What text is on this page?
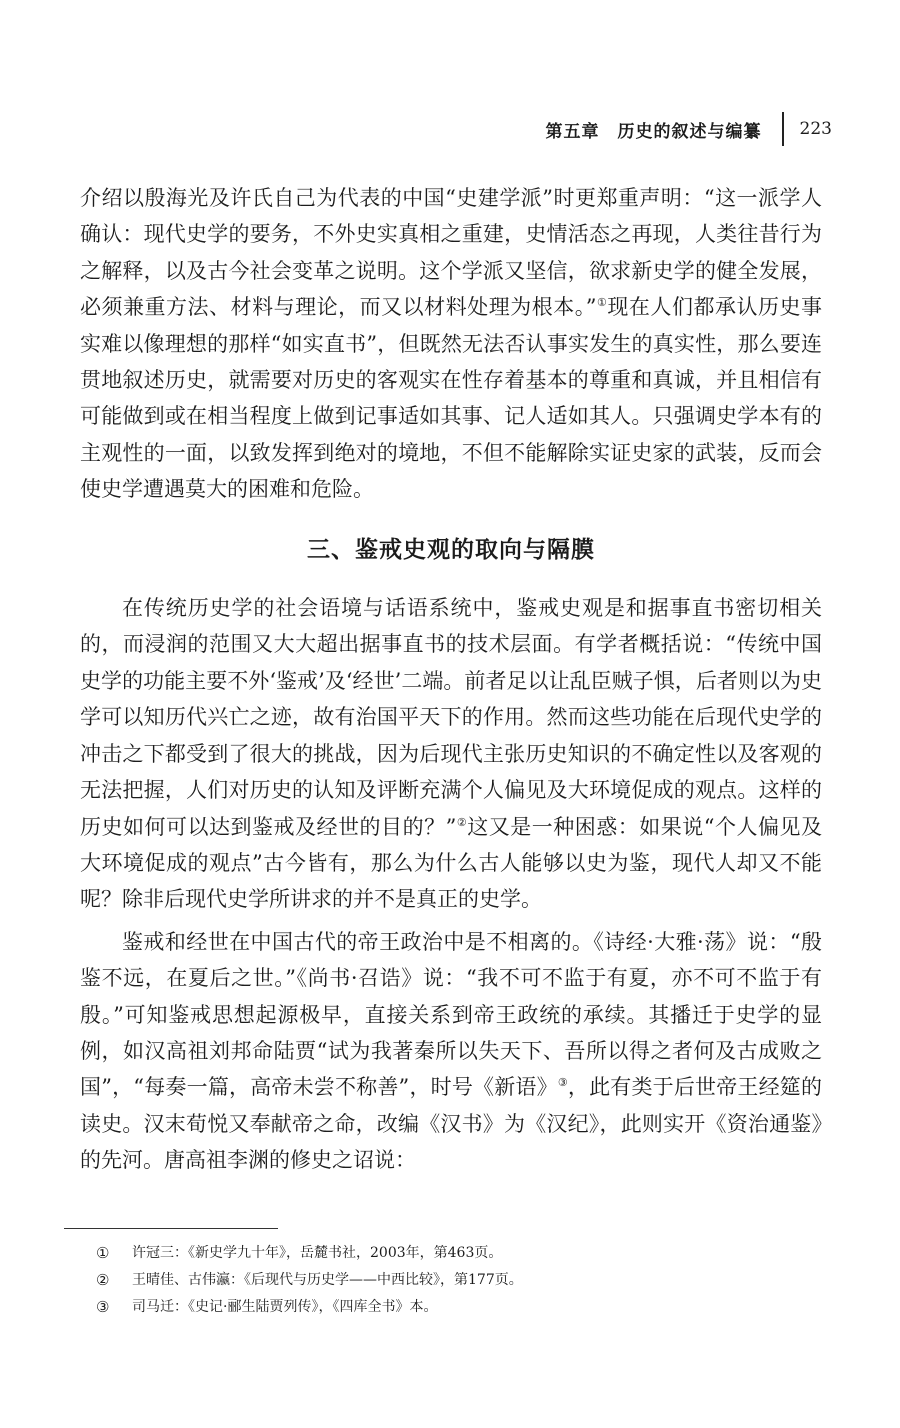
第五章 历史的叙述与编纂 223

介绍以殷海光及许氏自己为代表的中国“史建学派”时更郑重声明：“这一派学人确认：现代史学的要务，不外史实真相之重建，史情活态之再现，人类往昔行为之解释，以及古今社会变革之说明。这个学派又坚信，欲求新史学的健全发展，必须兼重方法、材料与理论，而又以材料处理为根本。”①现在人们都承认历史事实难以像理想的那样“如实直书”，但既然无法否认事实发生的真实性，那么要连贯地叙述历史，就需要对历史的客观实在性存着基本的尊重和真诚，并且相信有可能做到或在相当程度上做到记事适如其事、记人适如其人。只强调史学本有的主观性的一面，以致发挥到绝对的境地，不但不能解除实证史家的武装，反而会使史学遭遇莫大的困难和危险。

三、鉴戒史观的取向与隔膜

在传统历史学的社会语境与话语系统中，鉴戒史观是和据事直书密切相关的，而浸润的范围又大大超出据事直书的技术层面。有学者概括说：“传统中国史学的功能主要不外‘鉴戒’及‘经世’二端。前者足以让乱臣贼子惧，后者则以为史学可以知历代兴亡之迹，故有治国平天下的作用。然而这些功能在后现代史学的冲击之下都受到了很大的挑战，因为后现代主张历史知识的不确定性以及客观的无法把握，人们对历史的认知及评断充满个人偏见及大环境促成的观点。这样的历史如何可以达到鉴戒及经世的目的？”②这又是一种困惑：如果说“个人偏见及大环境促成的观点”古今皆有，那么为什么古人能够以史为鉴，现代人却又不能呢？除非后现代史学所讲求的并不是真正的史学。

鉴戒和经世在中国古代的帝王政治中是不相离的。《诗经·大雅·荡》说：“殷鉴不远，在夏后之世。”《尚书·召诰》说：“我不可不监于有夏，亦不可不监于有殷。”可知鉴戒思想起源极早，直接关系到帝王政统的承续。其播迁于史学的显例，如汉高祖刘邦命陆贾“试为我著秦所以失天下、吾所以得之者何及古成败之国”，“每奏一篇，高帝未尝不称善”，时号《新语》③，此有类于后世帝王经筵的读史。汉末荀悦又奉献帝之命，改编《汉书》为《汉纪》，此则实开《资治通鉴》的先河。唐高祖李渊的修史之诏说：

①	许冠三：《新史学九十年》，岳麓书社，2003年，第463页。
②	王晴佳、古伟瀛：《后现代与历史学——中西比较》，第177页。
③	司马迁：《史记·郦生陆贾列传》，《四库全书》本。
